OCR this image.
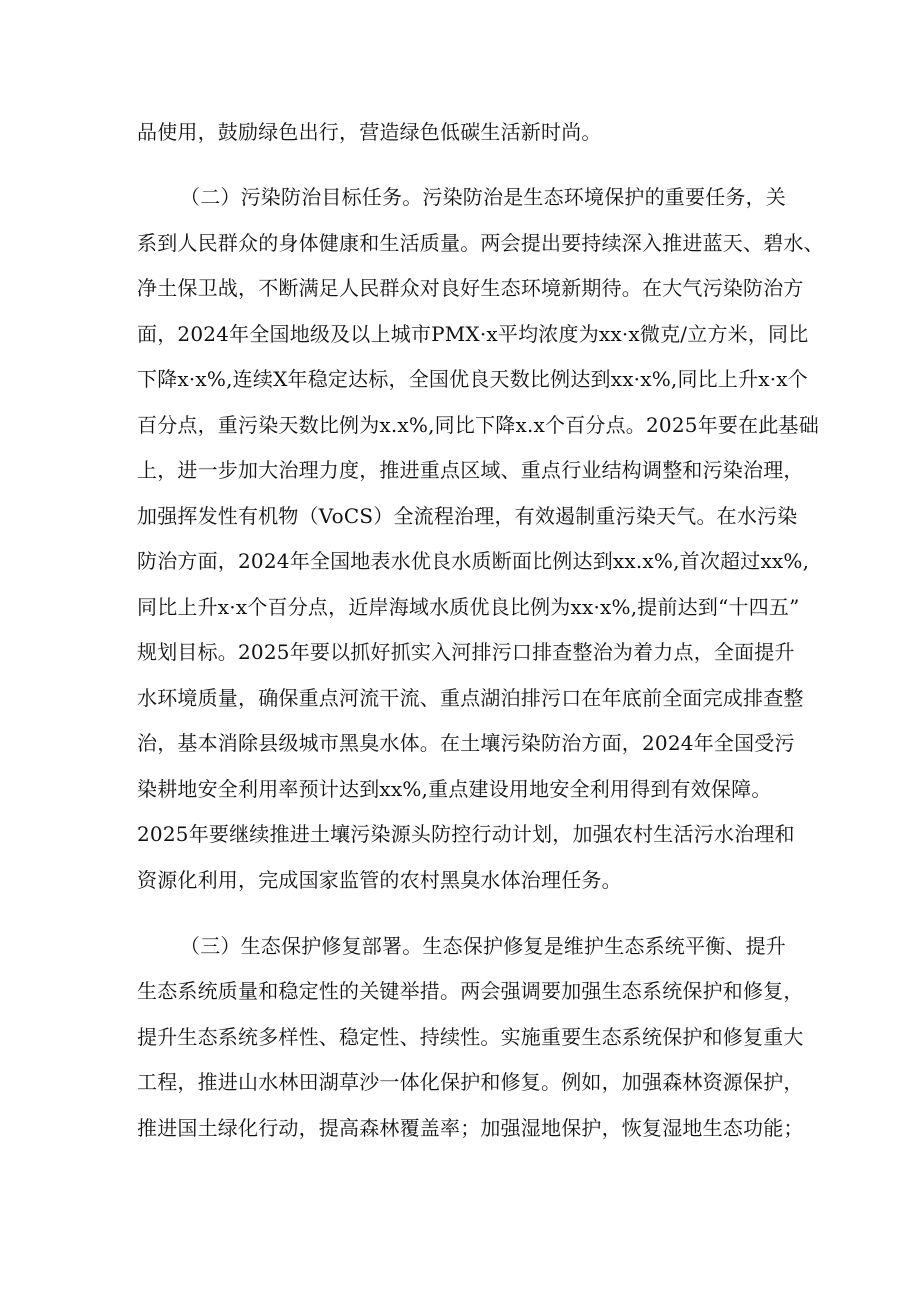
品使用，鼓励绿色出行，营造绿色低碳生活新时尚。
（二）污染防治目标任务。污染防治是生态环境保护的重要任务，关
系到人民群众的身体健康和生活质量。两会提出要持续深入推进蓝天、碧水、
净土保卫战，不断满足人民群众对良好生态环境新期待。在大气污染防治方
面，2024年全国地级及以上城市PMX·x平均浓度为xx·x微克/立方米，同比
下降x·x%,连续X年稳定达标，全国优良天数比例达到xx·x%,同比上升x·x个
百分点，重污染天数比例为x.x%,同比下降x.x个百分点。2025年要在此基础
上，进一步加大治理力度，推进重点区域、重点行业结构调整和污染治理，
加强挥发性有机物（VoCS）全流程治理，有效遏制重污染天气。在水污染
防治方面，2024年全国地表水优良水质断面比例达到xx.x%,首次超过xx%,
同比上升x·x个百分点，近岸海域水质优良比例为xx·x%,提前达到“十四五”
规划目标。2025年要以抓好抓实入河排污口排查整治为着力点，全面提升
水环境质量，确保重点河流干流、重点湖泊排污口在年底前全面完成排查整
治，基本消除县级城市黑臭水体。在土壤污染防治方面，2024年全国受污
染耕地安全利用率预计达到xx%,重点建设用地安全利用得到有效保障。
2025年要继续推进土壤污染源头防控行动计划，加强农村生活污水治理和
资源化利用，完成国家监管的农村黑臭水体治理任务。
（三）生态保护修复部署。生态保护修复是维护生态系统平衡、提升
生态系统质量和稳定性的关键举措。两会强调要加强生态系统保护和修复，
提升生态系统多样性、稳定性、持续性。实施重要生态系统保护和修复重大
工程，推进山水林田湖草沙一体化保护和修复。例如，加强森林资源保护，
推进国土绿化行动，提高森林覆盖率；加强湿地保护，恢复湿地生态功能；
